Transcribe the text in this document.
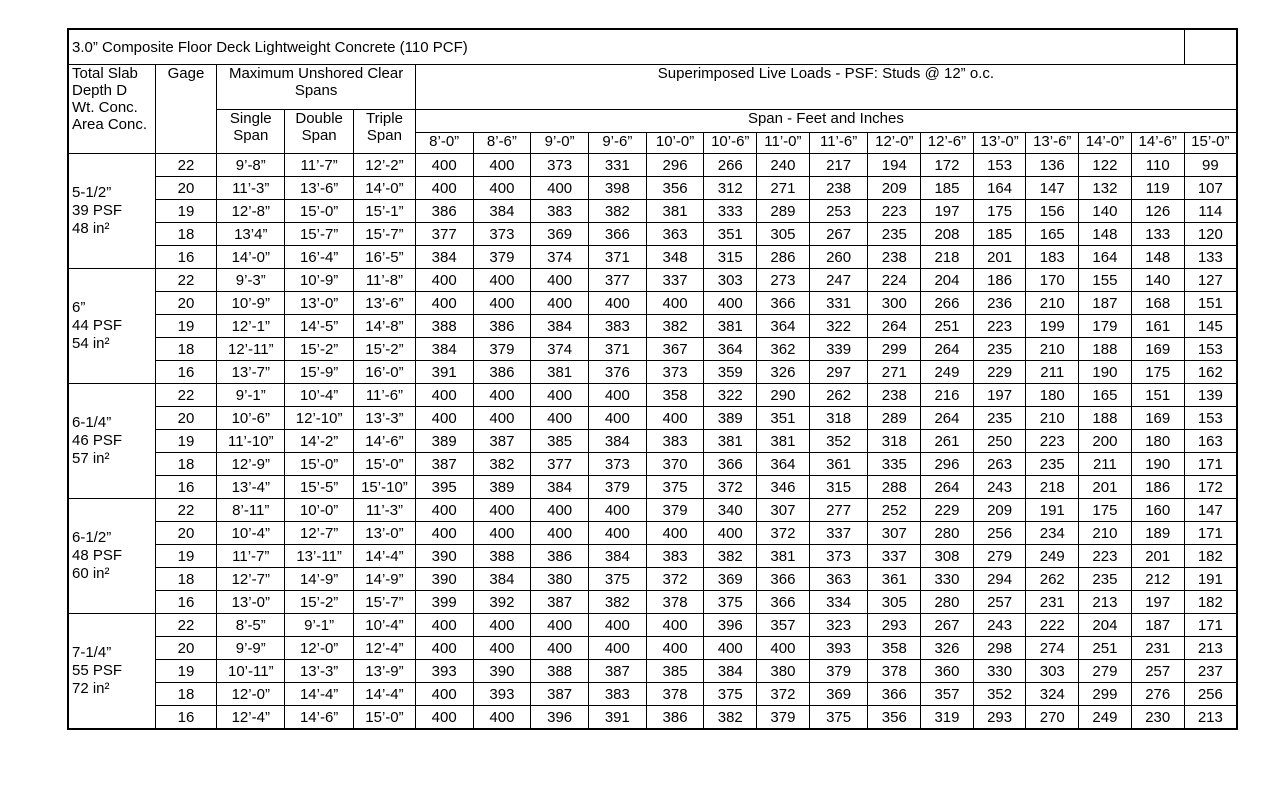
3.0” Composite Floor Deck Lightweight Concrete (110 PCF)																			
Total Slab Depth D Wt. Conc. Area Conc.	Gage	Maximum Unshored Clear Spans			Superimposed Live Loads - PSF: Studs @ 12” o.c.														
		Single Span	Double Span	Triple Span	Span - Feet and Inches														
					8’-0”	8’-6”	9’-0”	9’-6”	10’-0”	10’-6”	11’-0”	11’-6”	12’-0”	12’-6”	13’-0”	13’-6”	14’-0”	14’-6”	15’-0”
5-1/2”
39 PSF
48 in²	22	9’-8”	11’-7”	12’-2”	400	400	373	331	296	266	240	217	194	172	153	136	122	110	99
	20	11’-3”	13’-6”	14’-0”	400	400	400	398	356	312	271	238	209	185	164	147	132	119	107
	19	12’-8”	15’-0”	15’-1”	386	384	383	382	381	333	289	253	223	197	175	156	140	126	114
	18	13’4”	15’-7”	15’-7”	377	373	369	366	363	351	305	267	235	208	185	165	148	133	120
	16	14’-0”	16’-4”	16’-5”	384	379	374	371	348	315	286	260	238	218	201	183	164	148	133
6”
44 PSF
54 in²	22	9’-3”	10’-9”	11’-8”	400	400	400	377	337	303	273	247	224	204	186	170	155	140	127
	20	10’-9”	13’-0”	13’-6”	400	400	400	400	400	400	366	331	300	266	236	210	187	168	151
	19	12’-1”	14’-5”	14’-8”	388	386	384	383	382	381	364	322	264	251	223	199	179	161	145
	18	12’-11”	15’-2”	15’-2”	384	379	374	371	367	364	362	339	299	264	235	210	188	169	153
	16	13’-7”	15’-9”	16’-0”	391	386	381	376	373	359	326	297	271	249	229	211	190	175	162
6-1/4”
46 PSF
57 in²	22	9’-1”	10’-4”	11’-6”	400	400	400	400	358	322	290	262	238	216	197	180	165	151	139
	20	10’-6”	12’-10”	13’-3”	400	400	400	400	400	389	351	318	289	264	235	210	188	169	153
	19	11’-10”	14’-2”	14’-6”	389	387	385	384	383	381	381	352	318	261	250	223	200	180	163
	18	12’-9”	15’-0”	15’-0”	387	382	377	373	370	366	364	361	335	296	263	235	211	190	171
	16	13’-4”	15’-5”	15’-10”	395	389	384	379	375	372	346	315	288	264	243	218	201	186	172
6-1/2”
48 PSF
60 in²	22	8’-11”	10’-0”	11’-3”	400	400	400	400	379	340	307	277	252	229	209	191	175	160	147
	20	10’-4”	12’-7”	13’-0”	400	400	400	400	400	400	372	337	307	280	256	234	210	189	171
	19	11’-7”	13’-11”	14’-4”	390	388	386	384	383	382	381	373	337	308	279	249	223	201	182
	18	12’-7”	14’-9”	14’-9”	390	384	380	375	372	369	366	363	361	330	294	262	235	212	191
	16	13’-0”	15’-2”	15’-7”	399	392	387	382	378	375	366	334	305	280	257	231	213	197	182
7-1/4”
55 PSF
72 in²	22	8’-5”	9’-1”	10’-4”	400	400	400	400	400	396	357	323	293	267	243	222	204	187	171
	20	9’-9”	12’-0”	12’-4”	400	400	400	400	400	400	400	393	358	326	298	274	251	231	213
	19	10’-11”	13’-3”	13’-9”	393	390	388	387	385	384	380	379	378	360	330	303	279	257	237
	18	12’-0”	14’-4”	14’-4”	400	393	387	383	378	375	372	369	366	357	352	324	299	276	256
	16	12’-4”	14’-6”	15’-0”	400	400	396	391	386	382	379	375	356	319	293	270	249	230	213
